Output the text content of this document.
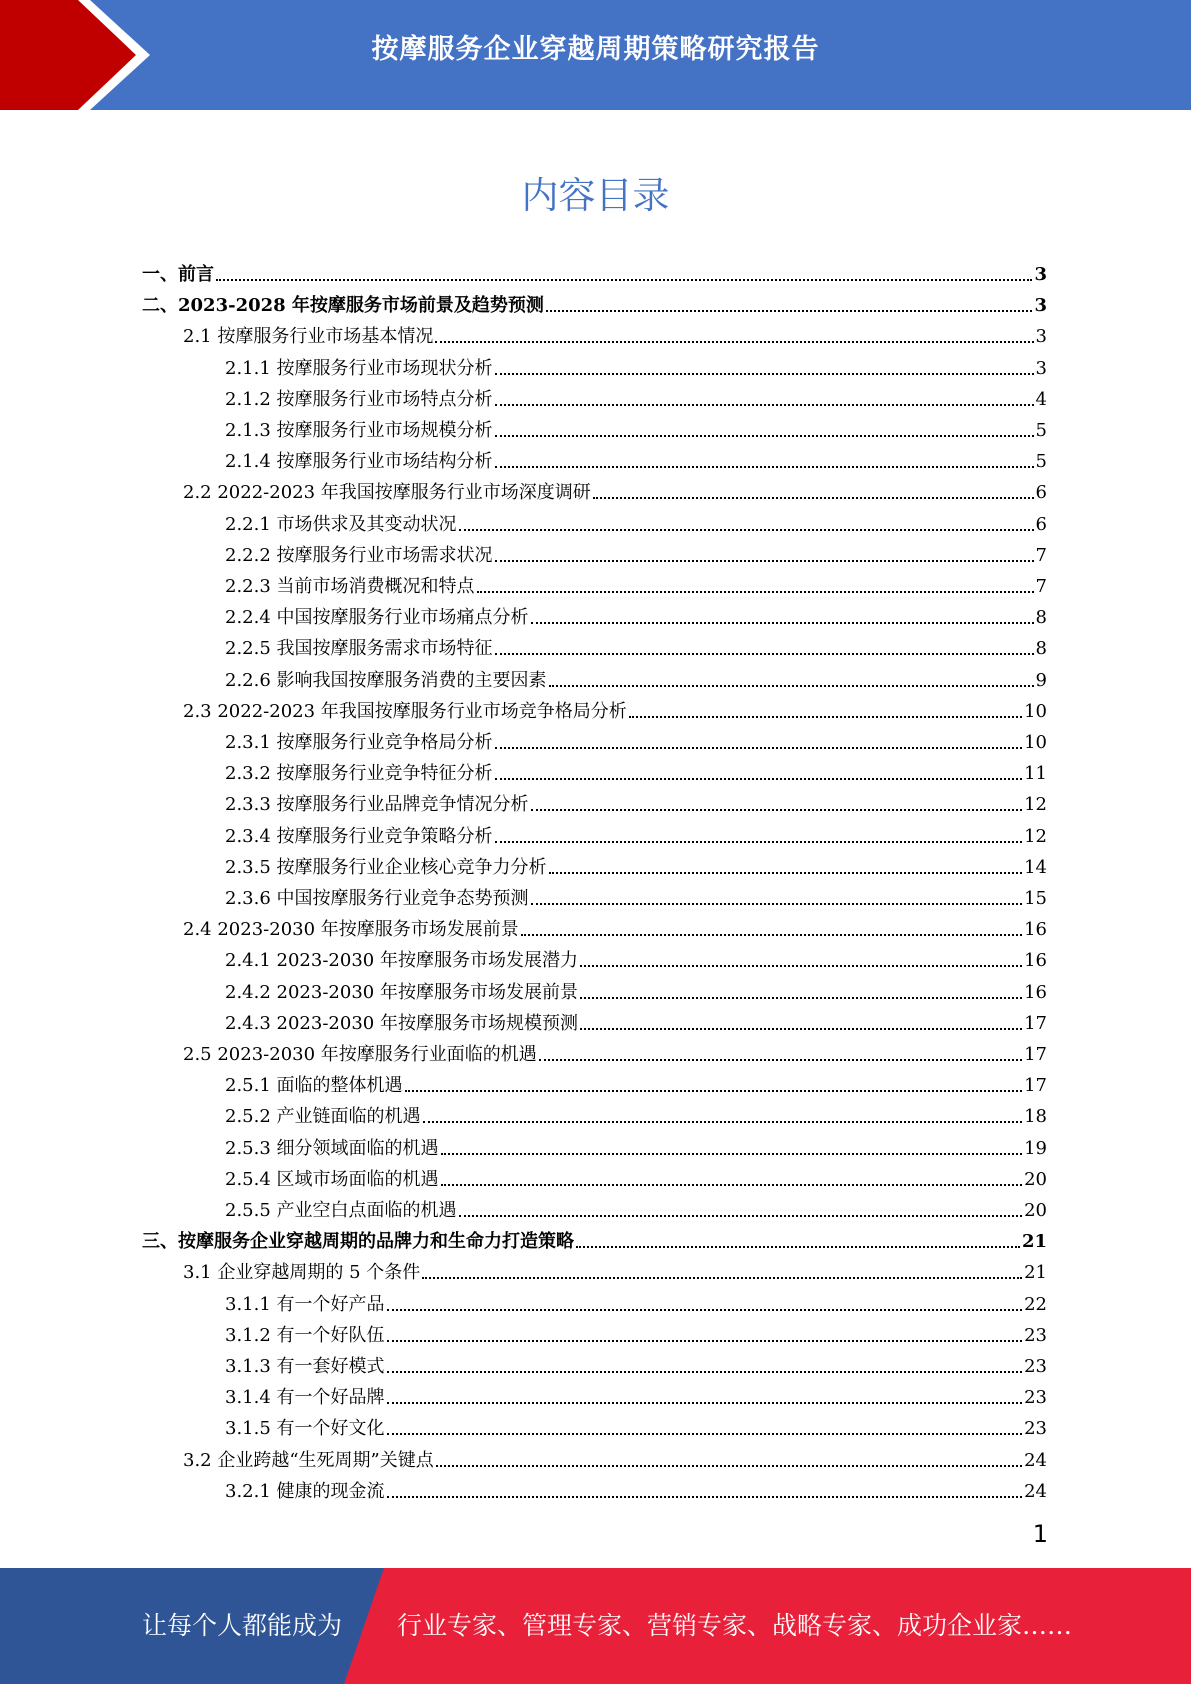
按摩服务企业穿越周期策略研究报告
内容目录
一、前言	3
二、2023-2028 年按摩服务市场前景及趋势预测	3
2.1 按摩服务行业市场基本情况	3
2.1.1 按摩服务行业市场现状分析	3
2.1.2 按摩服务行业市场特点分析	4
2.1.3 按摩服务行业市场规模分析	5
2.1.4 按摩服务行业市场结构分析	5
2.2 2022-2023 年我国按摩服务行业市场深度调研	6
2.2.1 市场供求及其变动状况	6
2.2.2 按摩服务行业市场需求状况	7
2.2.3 当前市场消费概况和特点	7
2.2.4 中国按摩服务行业市场痛点分析	8
2.2.5 我国按摩服务需求市场特征	8
2.2.6 影响我国按摩服务消费的主要因素	9
2.3 2022-2023 年我国按摩服务行业市场竞争格局分析	10
2.3.1 按摩服务行业竞争格局分析	10
2.3.2 按摩服务行业竞争特征分析	11
2.3.3 按摩服务行业品牌竞争情况分析	12
2.3.4 按摩服务行业竞争策略分析	12
2.3.5 按摩服务行业企业核心竞争力分析	14
2.3.6 中国按摩服务行业竞争态势预测	15
2.4 2023-2030 年按摩服务市场发展前景	16
2.4.1 2023-2030 年按摩服务市场发展潜力	16
2.4.2 2023-2030 年按摩服务市场发展前景	16
2.4.3 2023-2030 年按摩服务市场规模预测	17
2.5 2023-2030 年按摩服务行业面临的机遇	17
2.5.1 面临的整体机遇	17
2.5.2 产业链面临的机遇	18
2.5.3 细分领域面临的机遇	19
2.5.4 区域市场面临的机遇	20
2.5.5 产业空白点面临的机遇	20
三、按摩服务企业穿越周期的品牌力和生命力打造策略	21
3.1 企业穿越周期的 5 个条件	21
3.1.1 有一个好产品	22
3.1.2 有一个好队伍	23
3.1.3 有一套好模式	23
3.1.4 有一个好品牌	23
3.1.5 有一个好文化	23
3.2 企业跨越“生死周期”关键点	24
3.2.1 健康的现金流	24
1
让每个人都能成为 行业专家、管理专家、营销专家、战略专家、成功企业家……
